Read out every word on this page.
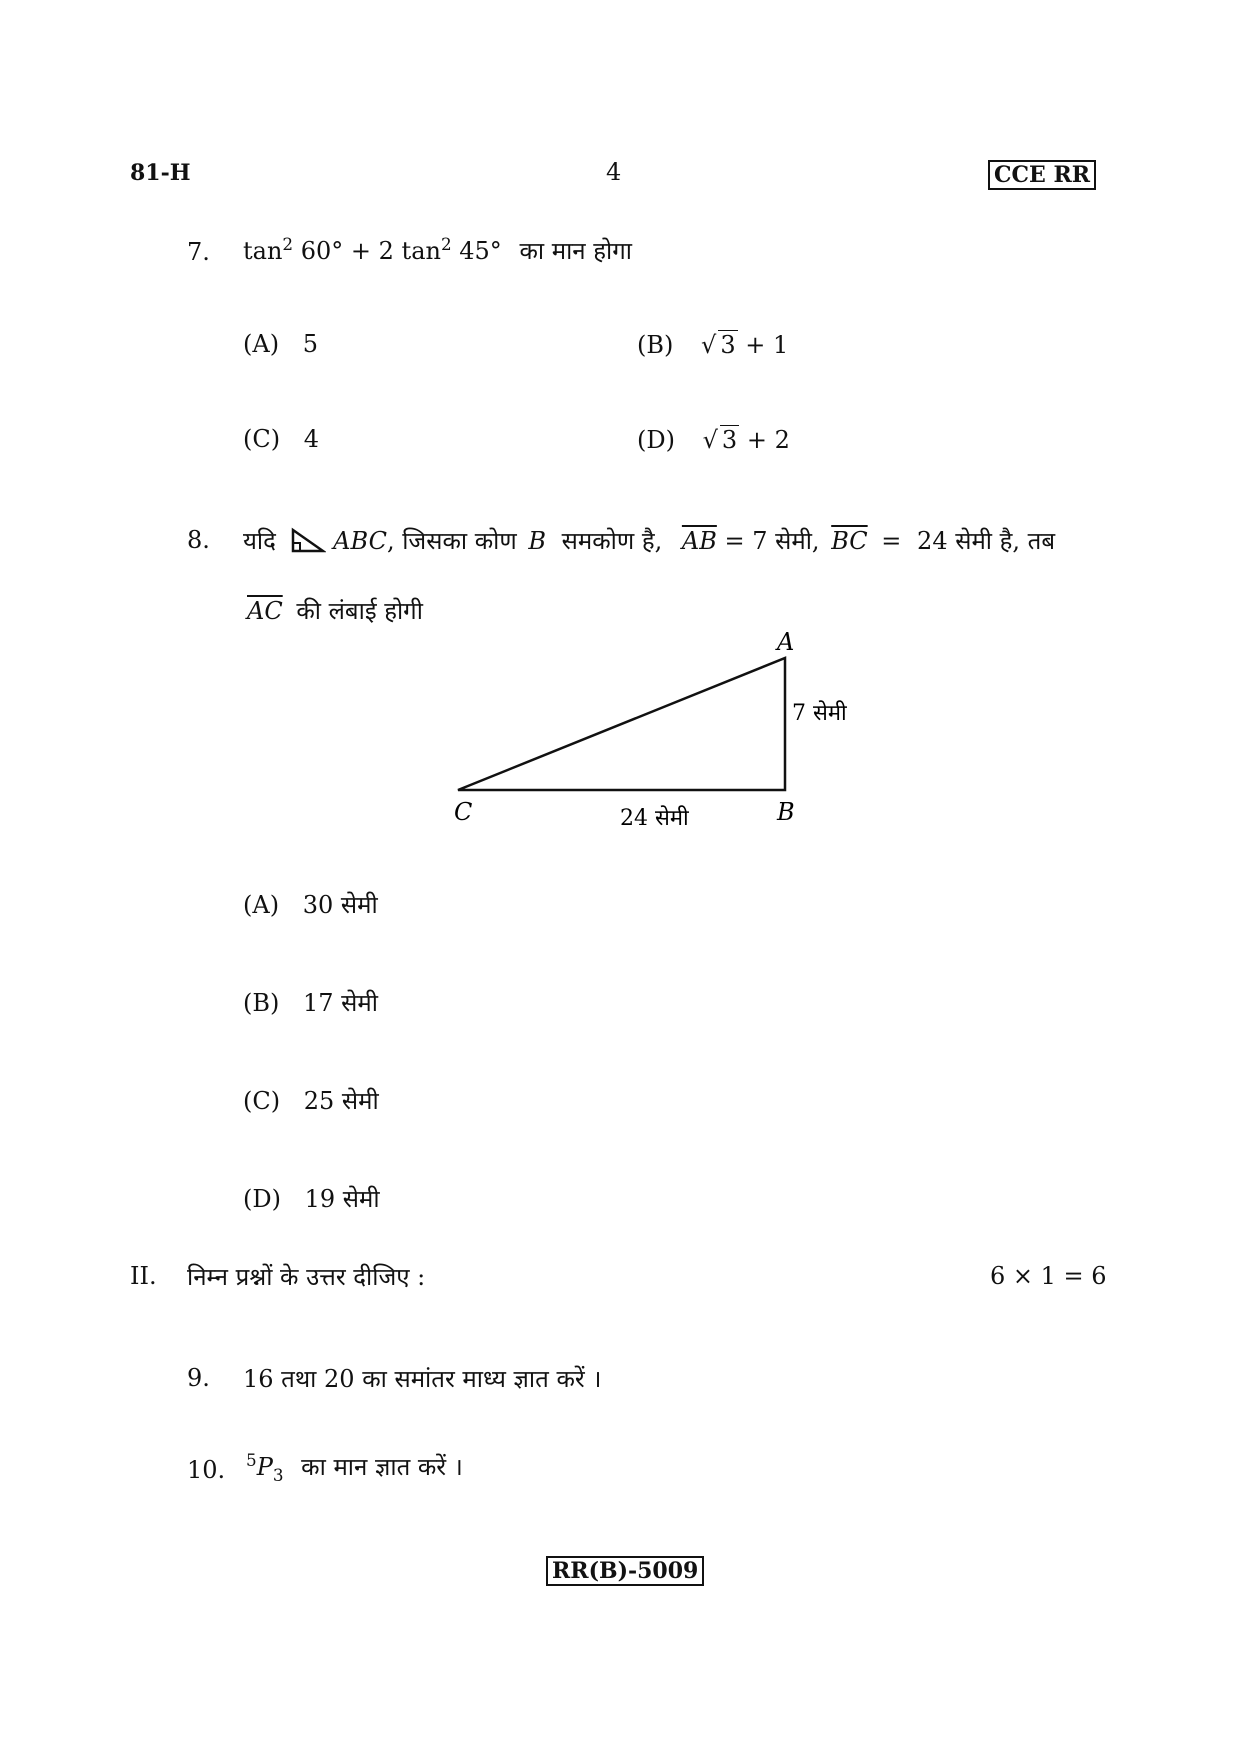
81-H	4	CCE RR
7. $\tan^2 60^\circ + 2$ $\tan^2 45^\circ$ का मान होगा
(A) 5	(B) √ 3 + 1
(C) 4	(D) √ 3 + 2
8. यदि ABC, जिसका कोण B समकोण है, $\overline{AB} = 7$ सेमी, $\overline{BC} = 24$ सेमी है, तब
$\overline{AC}$ की लंबाई होगी
A
B
C
7 सेमी
24 सेमी
(A) 30 सेमी
(B) 17 सेमी
(C) 25 सेमी
(D) 19 सेमी
II. निम्न प्रश्नों के उत्तर दीजिए :	6 × 1 = 6
9. 16 तथा 20 का समांतर माध्य ज्ञात करें ।
10. $^5P_3$ का मान ज्ञात करें ।
RR(B)-5009
